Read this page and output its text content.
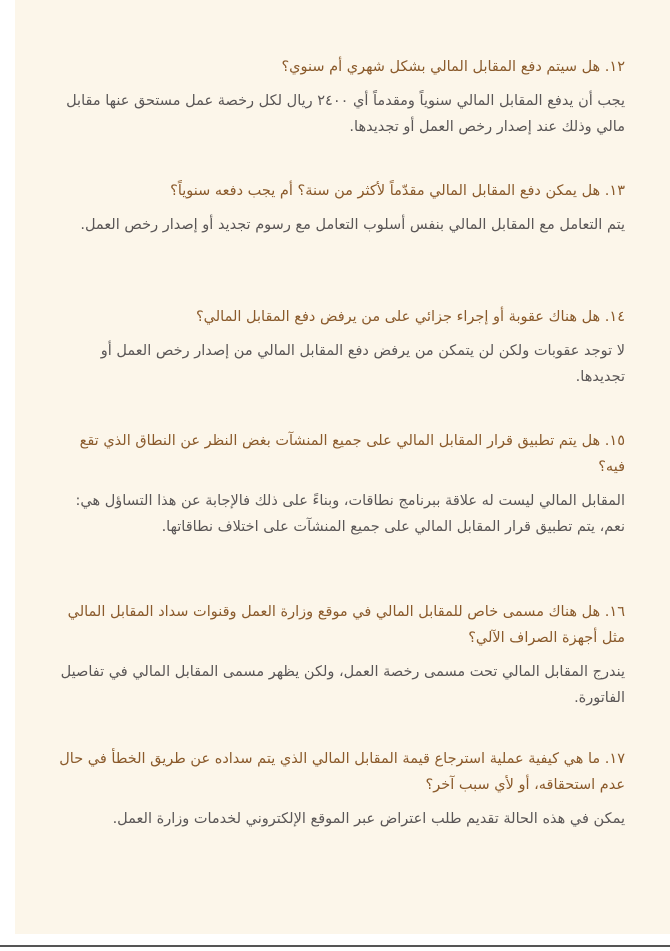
١٢. هل سيتم دفع المقابل المالي بشكل شهري أم سنوي؟

يجب أن يدفع المقابل المالي سنوياً ومقدماً أي ٢٤٠٠ ريال لكل رخصة عمل مستحق عنها مقابل مالي وذلك عند إصدار رخص العمل أو تجديدها.

١٣. هل يمكن دفع المقابل المالي مقدّماً لأكثر من سنة؟ أم يجب دفعه سنوياً؟

يتم التعامل مع المقابل المالي بنفس أسلوب التعامل مع رسوم تجديد أو إصدار رخص العمل.

١٤. هل هناك عقوبة أو إجراء جزائي على من يرفض دفع المقابل المالي؟

لا توجد عقوبات ولكن لن يتمكن من يرفض دفع المقابل المالي من إصدار رخص العمل أو تجديدها.

١٥. هل يتم تطبيق قرار المقابل المالي على جميع المنشآت بغض النظر عن النطاق الذي تقع فيه؟

المقابل المالي ليست له علاقة ببرنامج نطاقات، وبناءً على ذلك فالإجابة عن هذا التساؤل هي: نعم، يتم تطبيق قرار المقابل المالي على جميع المنشآت على اختلاف نطاقاتها.

١٦. هل هناك مسمى خاص للمقابل المالي في موقع وزارة العمل وقنوات سداد المقابل المالي مثل أجهزة الصراف الآلي؟

يندرج المقابل المالي تحت مسمى رخصة العمل، ولكن يظهر مسمى المقابل المالي في تفاصيل الفاتورة.

١٧. ما هي كيفية عملية استرجاع قيمة المقابل المالي الذي يتم سداده عن طريق الخطأ في حال عدم استحقاقه، أو لأي سبب آخر؟

يمكن في هذه الحالة تقديم طلب اعتراض عبر الموقع الإلكتروني لخدمات وزارة العمل.
